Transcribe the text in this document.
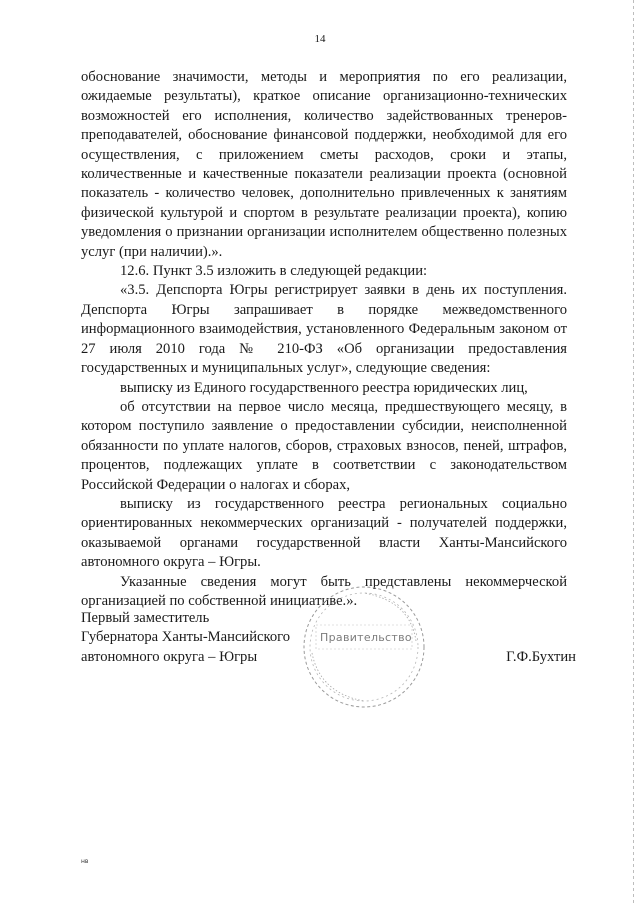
14

обоснование значимости, методы и мероприятия по его реализации, ожидаемые результаты), краткое описание организационно-технических возможностей его исполнения, количество задействованных тренеров-преподавателей, обоснование финансовой поддержки, необходимой для его осуществления, с приложением сметы расходов, сроки и этапы, количественные и качественные показатели реализации проекта (основной показатель - количество человек, дополнительно привлеченных к занятиям физической культурой и спортом в результате реализации проекта), копию уведомления о признании организации исполнителем общественно полезных услуг (при наличии).».

12.6. Пункт 3.5 изложить в следующей редакции:

«3.5. Депспорта Югры регистрирует заявки в день их поступления. Депспорта Югры запрашивает в порядке межведомственного информационного взаимодействия, установленного Федеральным законом от 27 июля 2010 года № 210-ФЗ «Об организации предоставления государственных и муниципальных услуг», следующие сведения:

выписку из Единого государственного реестра юридических лиц,

об отсутствии на первое число месяца, предшествующего месяцу, в котором поступило заявление о предоставлении субсидии, неисполненной обязанности по уплате налогов, сборов, страховых взносов, пеней, штрафов, процентов, подлежащих уплате в соответствии с законодательством Российской Федерации о налогах и сборах,

выписку из государственного реестра региональных социально ориентированных некоммерческих организаций - получателей поддержки, оказываемой органами государственной власти Ханты-Мансийского автономного округа – Югры.

Указанные сведения могут быть представлены некоммерческой организацией по собственной инициативе.».

Первый заместитель
Губернатора Ханты-Мансийского
автономного округа – Югры
Правительство
Г.Ф.Бухтин
нв
